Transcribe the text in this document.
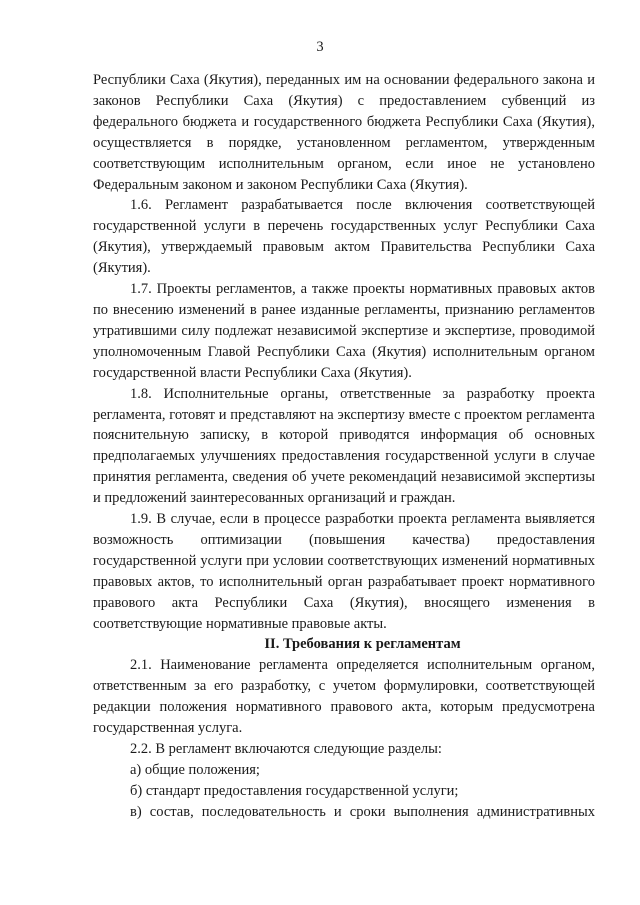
3

Республики Саха (Якутия), переданных им на основании федерального закона и законов Республики Саха (Якутия) с предоставлением субвенций из федерального бюджета и государственного бюджета Республики Саха (Якутия), осуществляется в порядке, установленном регламентом, утвержденным соответствующим исполнительным органом, если иное не установлено Федеральным законом и законом Республики Саха (Якутия).

1.6. Регламент разрабатывается после включения соответствующей государственной услуги в перечень государственных услуг Республики Саха (Якутия), утверждаемый правовым актом Правительства Республики Саха (Якутия).

1.7. Проекты регламентов, а также проекты нормативных правовых актов по внесению изменений в ранее изданные регламенты, признанию регламентов утратившими силу подлежат независимой экспертизе и экспертизе, проводимой уполномоченным Главой Республики Саха (Якутия) исполнительным органом государственной власти Республики Саха (Якутия).

1.8. Исполнительные органы, ответственные за разработку проекта регламента, готовят и представляют на экспертизу вместе с проектом регламента пояснительную записку, в которой приводятся информация об основных предполагаемых улучшениях предоставления государственной услуги в случае принятия регламента, сведения об учете рекомендаций независимой экспертизы и предложений заинтересованных организаций и граждан.

1.9. В случае, если в процессе разработки проекта регламента выявляется возможность оптимизации (повышения качества) предоставления государственной услуги при условии соответствующих изменений нормативных правовых актов, то исполнительный орган разрабатывает проект нормативного правового акта Республики Саха (Якутия), вносящего изменения в соответствующие нормативные правовые акты.

II. Требования к регламентам

2.1. Наименование регламента определяется исполнительным органом, ответственным за его разработку, с учетом формулировки, соответствующей редакции положения нормативного правового акта, которым предусмотрена государственная услуга.

2.2. В регламент включаются следующие разделы:

а) общие положения;

б) стандарт предоставления государственной услуги;

в) состав, последовательность и сроки выполнения административных
